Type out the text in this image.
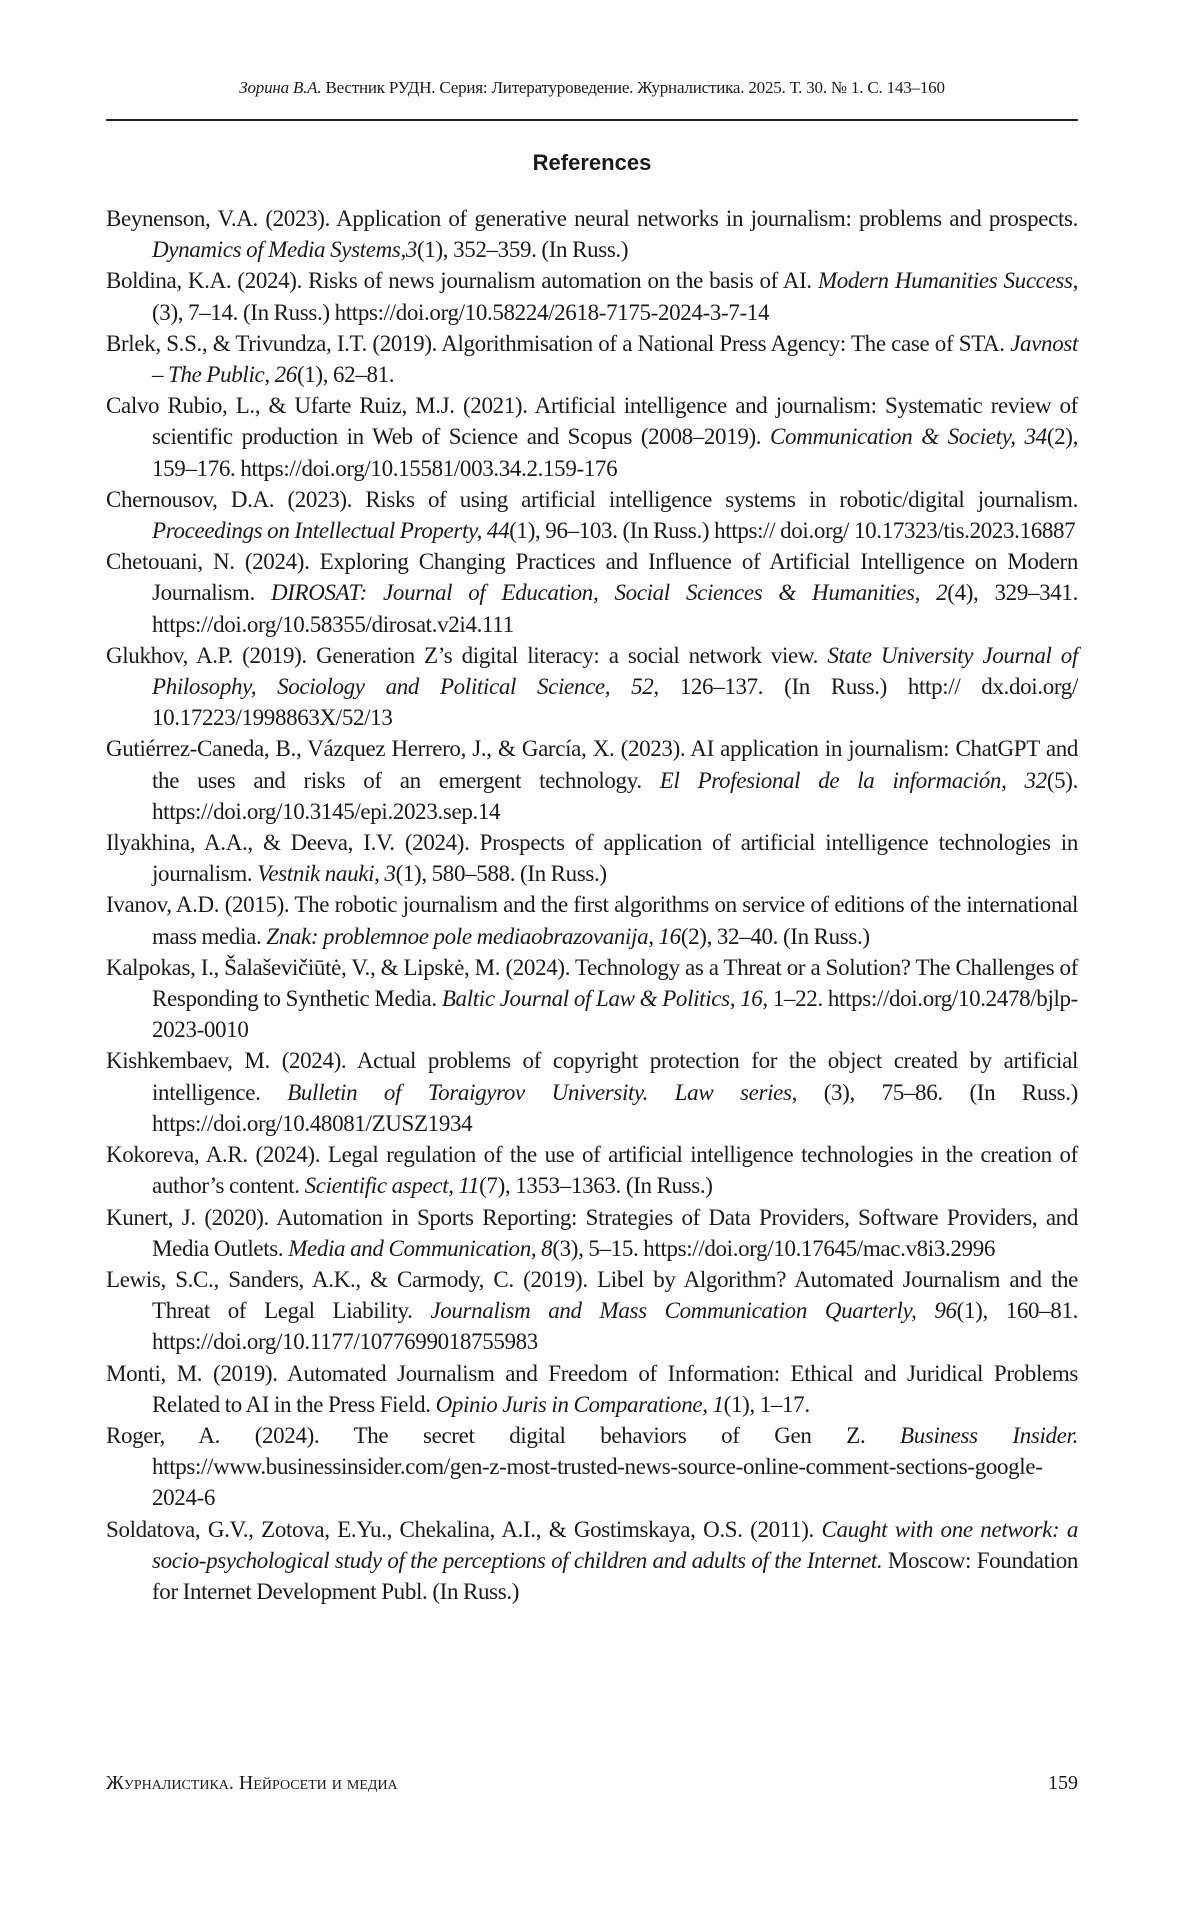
Зорина В.А. Вестник РУДН. Серия: Литературоведение. Журналистика. 2025. Т. 30. № 1. С. 143–160
References

Beynenson, V.A. (2023). Application of generative neural networks in journalism: problems and prospects. Dynamics of Media Systems,3(1), 352–359. (In Russ.)

Boldina, K.A. (2024). Risks of news journalism automation on the basis of AI. Modern Humanities Success, (3), 7–14. (In Russ.) https://doi.org/10.58224/2618-7175-2024-3-7-14

Brlek, S.S., & Trivundza, I.T. (2019). Algorithmisation of a National Press Agency: The case of STA. Javnost – The Public, 26(1), 62–81.

Calvo Rubio, L., & Ufarte Ruiz, M.J. (2021). Artificial intelligence and journalism: Systematic review of scientific production in Web of Science and Scopus (2008–2019). Communication & Society, 34(2), 159–176. https://doi.org/10.15581/003.34.2.159-176

Chernousov, D.A. (2023). Risks of using artificial intelligence systems in robotic/digital journalism. Proceedings on Intellectual Property, 44(1), 96–103. (In Russ.) https:// doi.org/ 10.17323/tis.2023.16887

Chetouani, N. (2024). Exploring Changing Practices and Influence of Artificial Intelligence on Modern Journalism. DIROSAT: Journal of Education, Social Sciences & Humanities, 2(4), 329–341. https://doi.org/10.58355/dirosat.v2i4.111

Glukhov, A.P. (2019). Generation Z’s digital literacy: a social network view. State University Journal of Philosophy, Sociology and Political Science, 52, 126–137. (In Russ.) http:// dx.doi.org/ 10.17223/1998863X/52/13

Gutiérrez-Caneda, B., Vázquez Herrero, J., & García, X. (2023). AI application in journalism: ChatGPT and the uses and risks of an emergent technology. El Profesional de la información, 32(5). https://doi.org/10.3145/epi.2023.sep.14

Ilyakhina, A.A., & Deeva, I.V. (2024). Prospects of application of artificial intelligence technologies in journalism. Vestnik nauki, 3(1), 580–588. (In Russ.)

Ivanov, A.D. (2015). The robotic journalism and the first algorithms on service of editions of the international mass media. Znak: problemnoe pole mediaobrazovanija, 16(2), 32–40. (In Russ.)

Kalpokas, I., Šalaševičiūtė, V., & Lipskė, M. (2024). Technology as a Threat or a Solution? The Challenges of Responding to Synthetic Media. Baltic Journal of Law & Politics, 16, 1–22. https://doi.org/10.2478/bjlp-2023-0010

Kishkembaev, M. (2024). Actual problems of copyright protection for the object created by artificial intelligence. Bulletin of Toraigyrov University. Law series, (3), 75–86. (In Russ.) https://doi.org/10.48081/ZUSZ1934

Kokoreva, A.R. (2024). Legal regulation of the use of artificial intelligence technologies in the creation of author’s content. Scientific aspect, 11(7), 1353–1363. (In Russ.)

Kunert, J. (2020). Automation in Sports Reporting: Strategies of Data Providers, Software Providers, and Media Outlets. Media and Communication, 8(3), 5–15. https://doi.org/10.17645/mac.v8i3.2996

Lewis, S.C., Sanders, A.K., & Carmody, C. (2019). Libel by Algorithm? Automated Journalism and the Threat of Legal Liability. Journalism and Mass Communication Quarterly, 96(1), 160–81. https://doi.org/10.1177/1077699018755983

Monti, M. (2019). Automated Journalism and Freedom of Information: Ethical and Juridical Problems Related to AI in the Press Field. Opinio Juris in Comparatione, 1(1), 1–17.

Roger, A. (2024). The secret digital behaviors of Gen Z. Business Insider. https://www.businessinsider.com/gen-z-most-trusted-news-source-online-comment-sections-google-2024-6

Soldatova, G.V., Zotova, E.Yu., Chekalina, A.I., & Gostimskaya, O.S. (2011). Caught with one network: a socio-psychological study of the perceptions of children and adults of the Internet. Moscow: Foundation for Internet Development Publ. (In Russ.)

Журналистика. Нейросети и медиа	159
